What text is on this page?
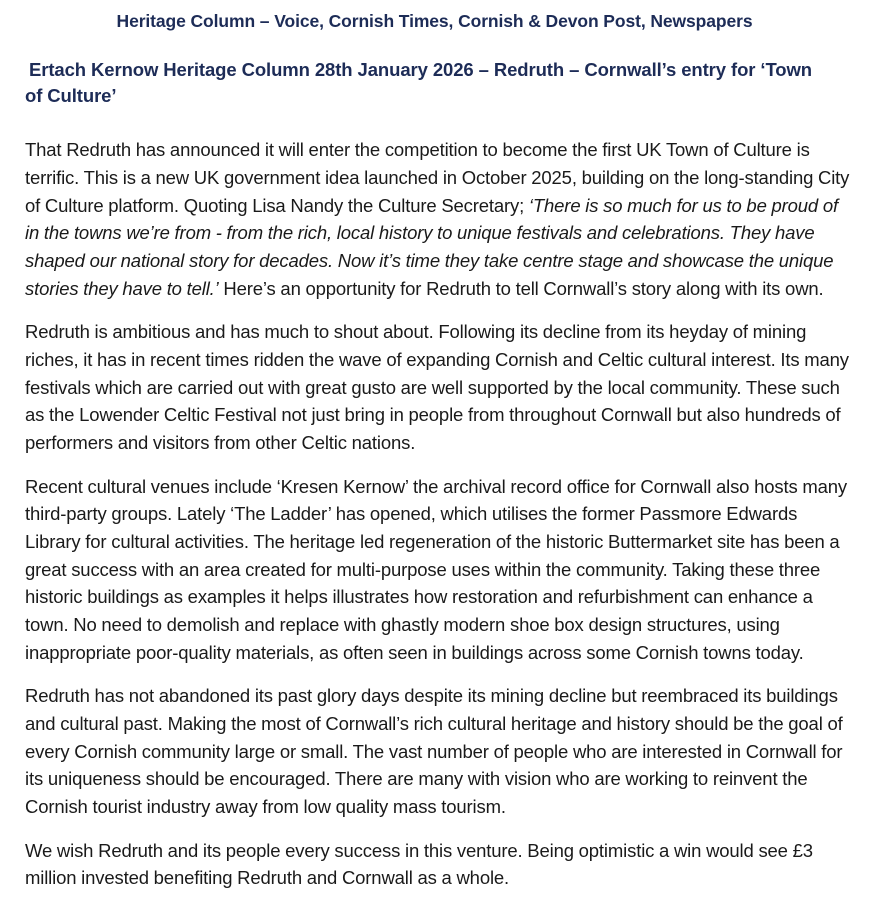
Heritage Column – Voice, Cornish Times, Cornish & Devon Post, Newspapers
Ertach Kernow Heritage Column 28th January 2026 – Redruth – Cornwall’s entry for ‘Town of Culture’

That Redruth has announced it will enter the competition to become the first UK Town of Culture is terrific. This is a new UK government idea launched in October 2025, building on the long-standing City of Culture platform. Quoting Lisa Nandy the Culture Secretary; ‘There is so much for us to be proud of in the towns we’re from - from the rich, local history to unique festivals and celebrations. They have shaped our national story for decades. Now it’s time they take centre stage and showcase the unique stories they have to tell.’ Here’s an opportunity for Redruth to tell Cornwall’s story along with its own.

Redruth is ambitious and has much to shout about. Following its decline from its heyday of mining riches, it has in recent times ridden the wave of expanding Cornish and Celtic cultural interest. Its many festivals which are carried out with great gusto are well supported by the local community. These such as the Lowender Celtic Festival not just bring in people from throughout Cornwall but also hundreds of performers and visitors from other Celtic nations.

Recent cultural venues include ‘Kresen Kernow’ the archival record office for Cornwall also hosts many third-party groups. Lately ‘The Ladder’ has opened, which utilises the former Passmore Edwards Library for cultural activities. The heritage led regeneration of the historic Buttermarket site has been a great success with an area created for multi-purpose uses within the community. Taking these three historic buildings as examples it helps illustrates how restoration and refurbishment can enhance a town. No need to demolish and replace with ghastly modern shoe box design structures, using inappropriate poor-quality materials, as often seen in buildings across some Cornish towns today.

Redruth has not abandoned its past glory days despite its mining decline but reembraced its buildings and cultural past. Making the most of Cornwall’s rich cultural heritage and history should be the goal of every Cornish community large or small. The vast number of people who are interested in Cornwall for its uniqueness should be encouraged. There are many with vision who are working to reinvent the Cornish tourist industry away from low quality mass tourism.

We wish Redruth and its people every success in this venture. Being optimistic a win would see £3 million invested benefiting Redruth and Cornwall as a whole.
